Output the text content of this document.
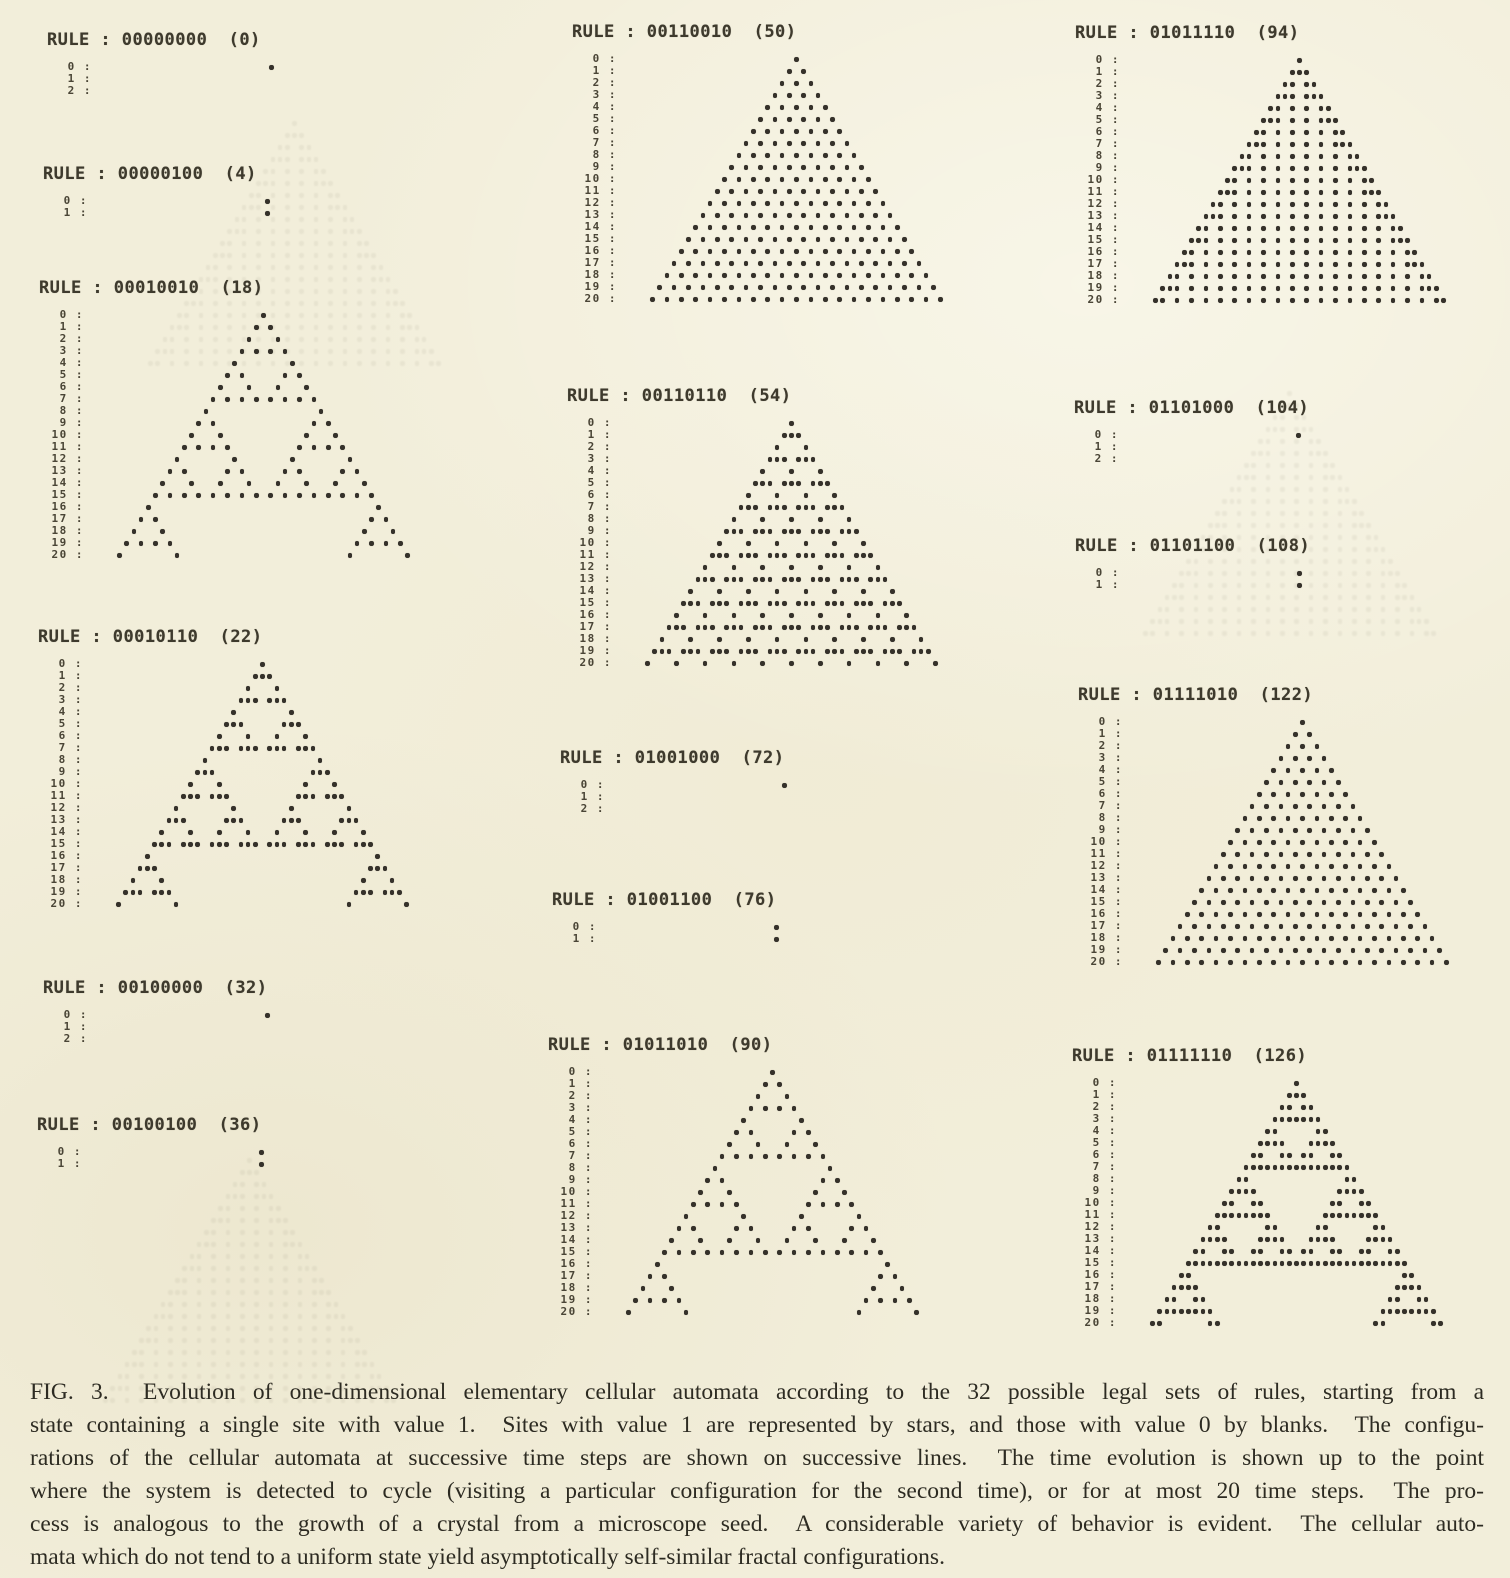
RULE : 00000000  (0)
0 :
1 :
2 :
RULE : 00000100  (4)
0 :
1 :
RULE : 00010010  (18)
0 :
1 :
2 :
3 :
4 :
5 :
6 :
7 :
8 :
9 :
10 :
11 :
12 :
13 :
14 :
15 :
16 :
17 :
18 :
19 :
20 :
RULE : 00010110  (22)
0 :
1 :
2 :
3 :
4 :
5 :
6 :
7 :
8 :
9 :
10 :
11 :
12 :
13 :
14 :
15 :
16 :
17 :
18 :
19 :
20 :
RULE : 00100000  (32)
0 :
1 :
2 :
RULE : 00100100  (36)
0 :
1 :
RULE : 00110010  (50)
0 :
1 :
2 :
3 :
4 :
5 :
6 :
7 :
8 :
9 :
10 :
11 :
12 :
13 :
14 :
15 :
16 :
17 :
18 :
19 :
20 :
RULE : 00110110  (54)
0 :
1 :
2 :
3 :
4 :
5 :
6 :
7 :
8 :
9 :
10 :
11 :
12 :
13 :
14 :
15 :
16 :
17 :
18 :
19 :
20 :
RULE : 01001000  (72)
0 :
1 :
2 :
RULE : 01001100  (76)
0 :
1 :
RULE : 01011010  (90)
0 :
1 :
2 :
3 :
4 :
5 :
6 :
7 :
8 :
9 :
10 :
11 :
12 :
13 :
14 :
15 :
16 :
17 :
18 :
19 :
20 :
RULE : 01011110  (94)
0 :
1 :
2 :
3 :
4 :
5 :
6 :
7 :
8 :
9 :
10 :
11 :
12 :
13 :
14 :
15 :
16 :
17 :
18 :
19 :
20 :
RULE : 01101000  (104)
0 :
1 :
2 :
RULE : 01101100  (108)
0 :
1 :
RULE : 01111010  (122)
0 :
1 :
2 :
3 :
4 :
5 :
6 :
7 :
8 :
9 :
10 :
11 :
12 :
13 :
14 :
15 :
16 :
17 :
18 :
19 :
20 :
RULE : 01111110  (126)
0 :
1 :
2 :
3 :
4 :
5 :
6 :
7 :
8 :
9 :
10 :
11 :
12 :
13 :
14 :
15 :
16 :
17 :
18 :
19 :
20 :
FIG. 3.  Evolution of one-dimensional elementary cellular automata according to the 32 possible legal sets of rules, starting from a
state containing a single site with value 1.  Sites with value 1 are represented by stars, and those with value 0 by blanks.  The configu-
rations of the cellular automata at successive time steps are shown on successive lines.  The time evolution is shown up to the point
where the system is detected to cycle (visiting a particular configuration for the second time), or for at most 20 time steps.  The pro-
cess is analogous to the growth of a crystal from a microscope seed.  A considerable variety of behavior is evident.  The cellular auto-
mata which do not tend to a uniform state yield asymptotically self-similar fractal configurations.
